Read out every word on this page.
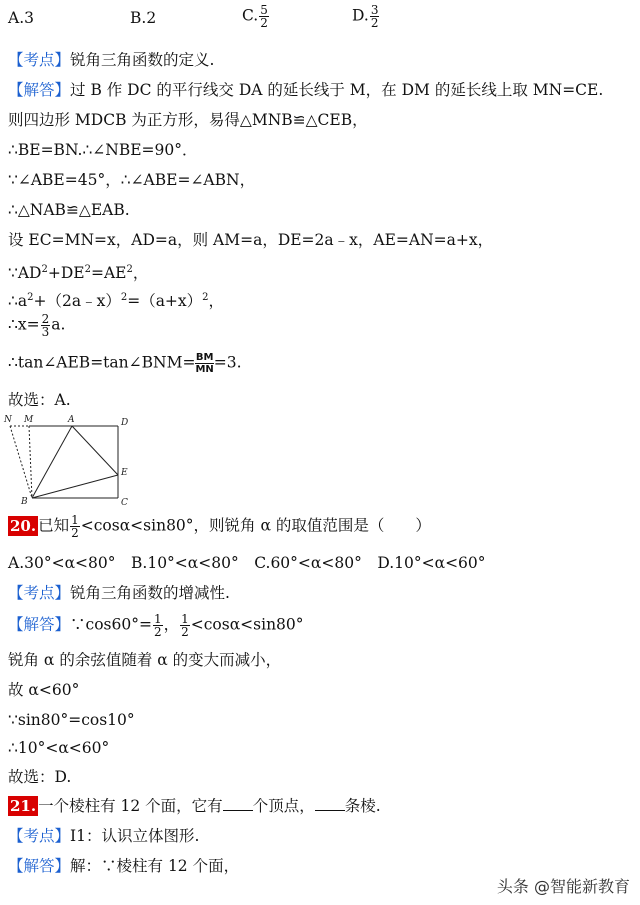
A.3	B.2	C. $\frac{5}{2}$	D. $\frac{3}{2}$
【考点】锐角三角函数的定义.
【解答】过 B 作 DC 的平行线交 DA 的延长线于 M，在 DM 的延长线上取 MN=CE.
则四边形 MDCB 为正方形，易得△MNB≌△CEB，
∴BE=BN.∴∠NBE=90°．
∵∠ABE=45°，∴∠ABE=∠ABN，
∴△NAB≌△EAB.
设 EC=MN=x，AD=a，则 AM=a，DE=2a﹣x，AE=AN=a+x，
$\because AD^2+DE^2=AE^2$，
$\therefore a^2+(2a﹣x)^2=(a+x)^2$，
∴x= $\frac{2}{3} a$.
∴tan∠AEB=tan∠BNM= $\frac{BM}{MN} =3$.
故选：A.
N M	A	D
E
B	C
20. 已知 $\frac{1}{2} <\cos\alpha<\sin 80^\circ$，则锐角 α 的取值范围是（　　）
A.30°<α<80°　B.10°<α<80°　C.60°<α<80°　D.10°<α<60°
【考点】锐角三角函数的增减性.
【解答】∵cos60°= $\frac{1}{2}$ ， $\frac{1}{2} <\cos\alpha<\sin 80^\circ$
锐角 α 的余弦值随着 α 的变大而减小，
故 α<60°
∵sin80°=cos10°
∴10°<α<60°
故选：D.
21. 一个棱柱有 12 个面，它有 个顶点， 条棱.
【考点】I1：认识立体图形.
【解答】解：∵棱柱有 12 个面，
头条 @智能新教育
